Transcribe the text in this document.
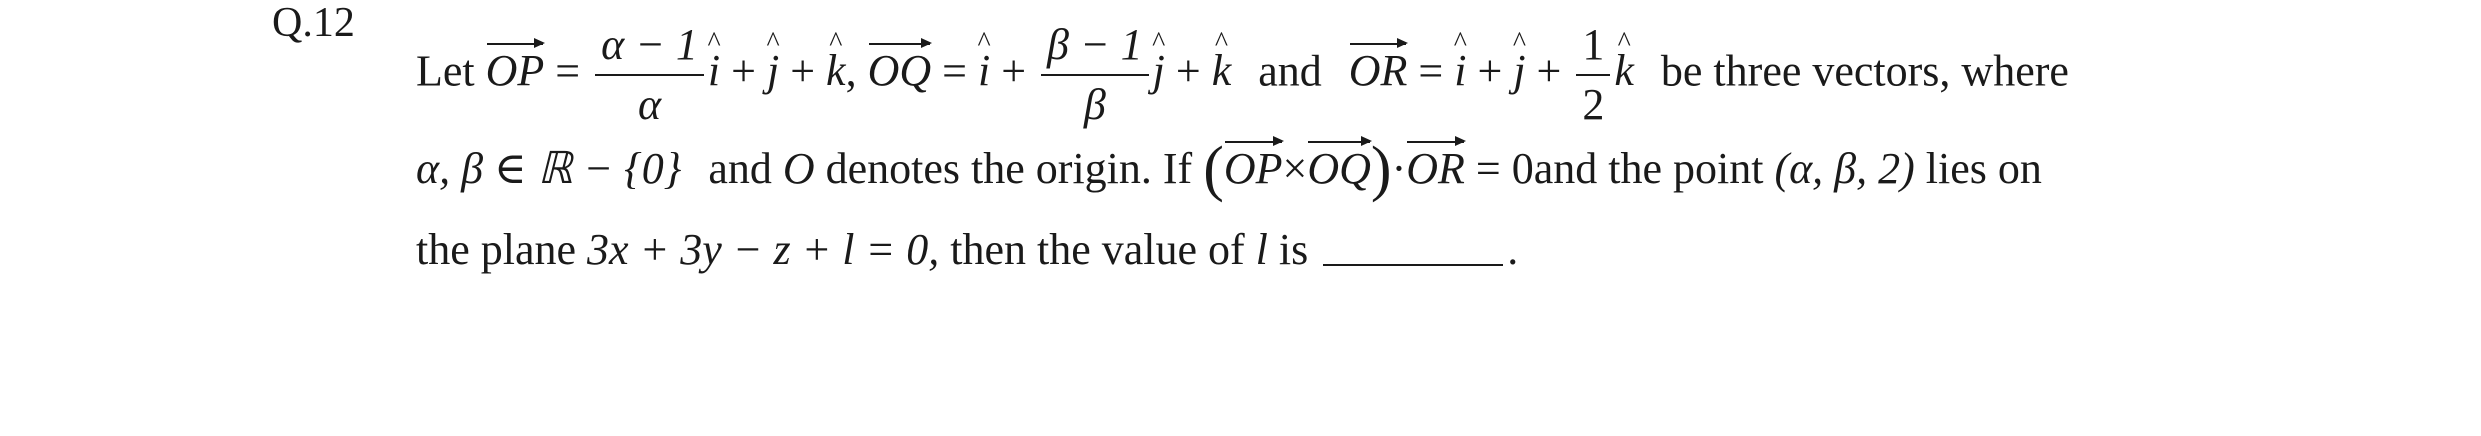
Q.12
Let OP = $\frac{\alpha - 1}{\alpha}$ ^ i + ^ j + ^ k, OQ = ^ $i + \frac{\beta - 1}{\beta}$ ^ j + ^ k and OR = ^ i + ^ $j + \frac{1}{2}$ ^ k be three vectors, where
α, β ∈ ℝ − {0} and O denotes the origin. If (OP×OQ)·OR = 0and the point (α, β, 2) lies on
the plane 3x + 3y − z + l = 0, then the value of l is	.
